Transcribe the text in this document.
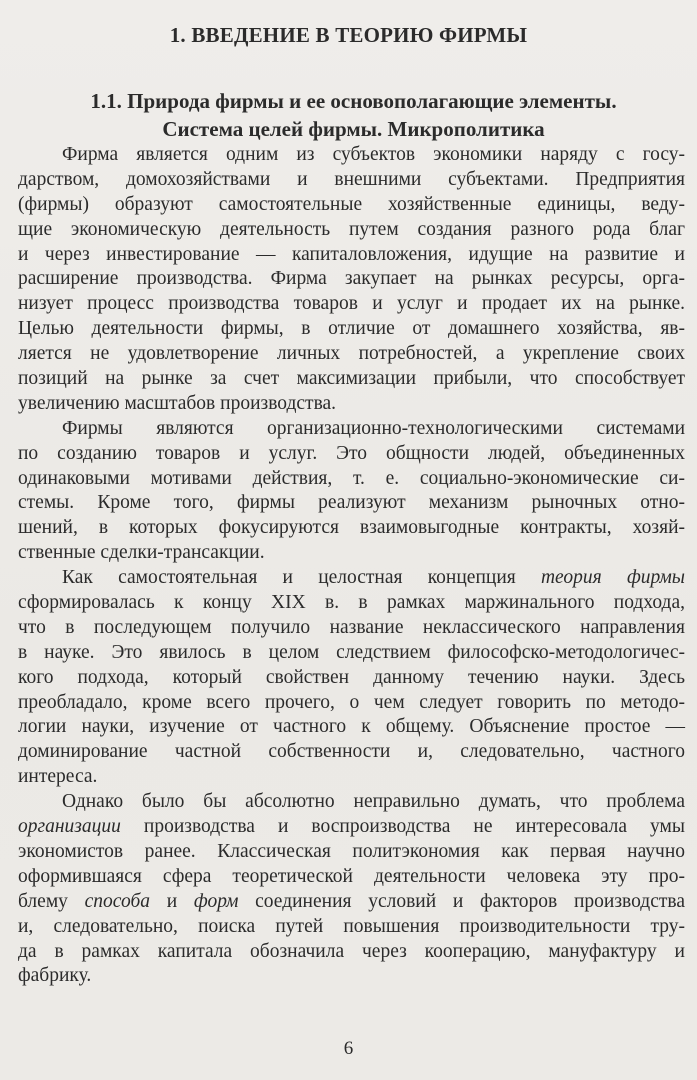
1. ВВЕДЕНИЕ В ТЕОРИЮ ФИРМЫ
1.1. Природа фирмы и ее основополагающие элементы.
Система целей фирмы. Микрополитика
Фирма является одним из субъектов экономики наряду с госу-
дарством, домохозяйствами и внешними субъектами. Предприятия
(фирмы) образуют самостоятельные хозяйственные единицы, веду-
щие экономическую деятельность путем создания разного рода благ
и через инвестирование — капиталовложения, идущие на развитие и
расширение производства. Фирма закупает на рынках ресурсы, орга-
низует процесс производства товаров и услуг и продает их на рынке.
Целью деятельности фирмы, в отличие от домашнего хозяйства, яв-
ляется не удовлетворение личных потребностей, а укрепление своих
позиций на рынке за счет максимизации прибыли, что способствует
увеличению масштабов производства.
Фирмы являются организационно-технологическими системами
по созданию товаров и услуг. Это общности людей, объединенных
одинаковыми мотивами действия, т. е. социально-экономические си-
стемы. Кроме того, фирмы реализуют механизм рыночных отно-
шений, в которых фокусируются взаимовыгодные контракты, хозяй-
ственные сделки-трансакции.
Как самостоятельная и целостная концепция теория фирмы
сформировалась к концу XIX в. в рамках маржинального подхода,
что в последующем получило название неклассического направления
в науке. Это явилось в целом следствием философско-методологичес-
кого подхода, который свойствен данному течению науки. Здесь
преобладало, кроме всего прочего, о чем следует говорить по методо-
логии науки, изучение от частного к общему. Объяснение простое —
доминирование частной собственности и, следовательно, частного
интереса.
Однако было бы абсолютно неправильно думать, что проблема
организации производства и воспроизводства не интересовала умы
экономистов ранее. Классическая политэкономия как первая научно
оформившаяся сфера теоретической деятельности человека эту про-
блему способа и форм соединения условий и факторов производства
и, следовательно, поиска путей повышения производительности тру-
да в рамках капитала обозначила через кооперацию, мануфактуру и
фабрику.
6
